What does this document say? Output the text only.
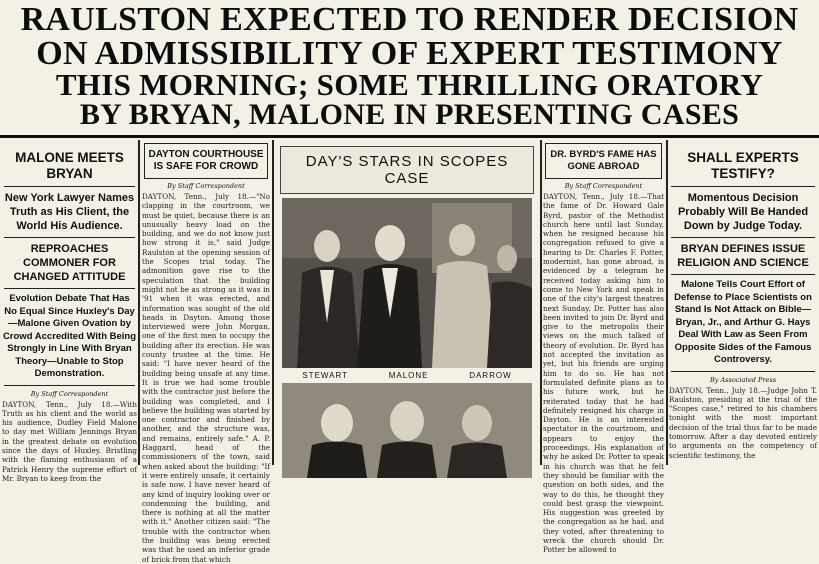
RAULSTON EXPECTED TO RENDER DECISION
ON ADMISSIBILITY OF EXPERT TESTIMONY
THIS MORNING; SOME THRILLING ORATORY
BY BRYAN, MALONE IN PRESENTING CASES
MALONE MEETS BRYAN
New York Lawyer Names Truth as His Client, the World His Audience.
REPROACHES COMMONER FOR CHANGED ATTITUDE
Evolution Debate That Has No Equal Since Huxley's Day—Malone Given Ovation by Crowd Accredited With Being Strongly in Line With Bryan Theory—Unable to Stop Demonstration.
By Staff Correspondent
DAYTON, Tenn., July 18.—With Truth as his client and the world as his audience, Dudley Field Malone to day met William Jennings Bryan in the greatest debate on evolution since the days of Huxley. Bristling with the flaming enthusiasm of a Patrick Henry the supreme effort of Mr. Bryan to keep from the
DAYTON COURTHOUSE IS SAFE FOR CROWD
By Staff Correspondent
DAYTON, Tenn., July 18.—"No clapping in the courtroom, we must be quiet, because there is an unusually heavy load on the building, and we do not know just how strong it is," said Judge Raulston at the opening session of the Scopes trial today. The admonition gave rise to the speculation that the building might not be as strong as it was in '91 when it was erected, and information was sought of the old heads in Dayton. Among those interviewed were John Morgan, one of the first men to occupy the building after its erection. He was county trustee at the time. He said: "I have never heard of the building being unsafe at any time. It is true we had some trouble with the contractor just before the building was completed, and I believe the building was started by one contractor and finished by another, and the structure was, and remains, entirely safe." A. P. Haggard, head of the commissioners of the town, said when asked about the building: "If it were entirely unsafe, it certainly is safe now. I have never heard of any kind of inquiry looking over or condemning the building, and there is nothing at all the matter with it." Another citizen said: "The trouble with the contractor when the building was being erected was that he used an inferior grade of brick from that which
DAY'S STARS IN SCOPES CASE
STEWART	MALONE	DARROW
DR. BYRD'S FAME HAS GONE ABROAD
By Staff Correspondent
DAYTON, Tenn., July 18.—That the fame of Dr. Howard Gale Byrd, pastor of the Methodist church here until last Sunday, when he resigned because his congregation refused to give a hearing to Dr. Charles F. Potter, modernist, has gone abroad, is evidenced by a telegram he received today asking him to come to New York and speak in one of the city's largest theatres next Sunday. Dr. Potter has also been invited to join Dr. Byrd and give to the metropolis their views on the much talked of theory of evolution. Dr. Byrd has not accepted the invitation as yet, but his friends are urging him to do so. He has not formulated definite plans as to his future work, but he reiterated today that he had definitely resigned his charge in Dayton. He is an interested spectator in the courtroom, and appears to enjoy the proceedings. His explanation of why he asked Dr. Potter to speak in his church was that he felt they should be familiar with the question on both sides, and the way to do this, he thought they could best grasp the viewpoint. His suggestion was greeted by the congregation as he had, and they voted, after threatening to wreck the church should Dr. Potter be allowed to
SHALL EXPERTS TESTIFY?
Momentous Decision Probably Will Be Handed Down by Judge Today.
BRYAN DEFINES ISSUE RELIGION AND SCIENCE
Malone Tells Court Effort of Defense to Place Scientists on Stand Is Not Attack on Bible—Bryan, Jr., and Arthur G. Hays Deal With Law as Seen From Opposite Sides of the Famous Controversy.
By Associated Press
DAYTON, Tenn., July 18.—Judge John T. Raulston, presiding at the trial of the "Scopes case," retired to his chambers tonight with the most important decision of the trial thus far to be made tomorrow. After a day devoted entirely to arguments on the competency of scientific testimony, the
